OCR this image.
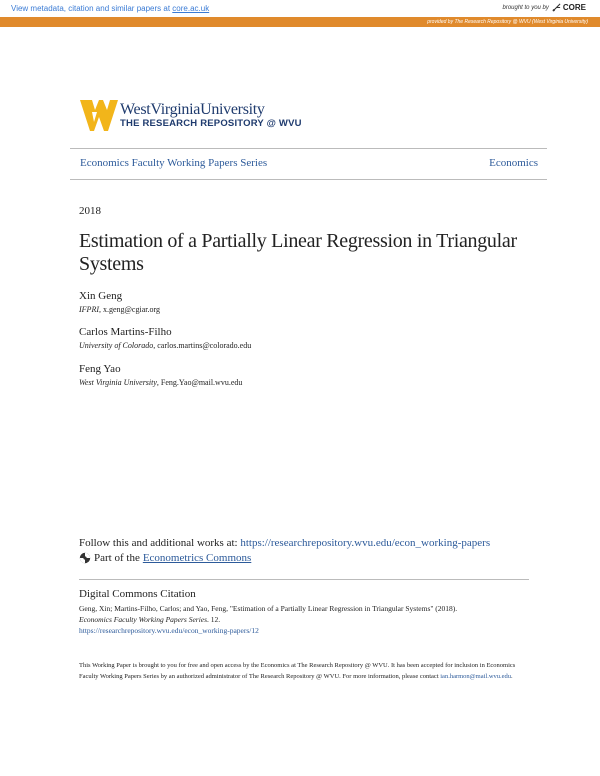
View metadata, citation and similar papers at core.ac.uk	brought to you by CORE
provided by The Research Repository @ WVU (West Virginia University)
WestVirginiaUniversity
THE RESEARCH REPOSITORY @ WVU
Economics Faculty Working Papers Series	Economics
2018
Estimation of a Partially Linear Regression in Triangular Systems
Xin Geng
IFPRI, x.geng@cgiar.org
Carlos Martins-Filho
University of Colorado, carlos.martins@colorado.edu
Feng Yao
West Virginia University, Feng.Yao@mail.wvu.edu
Follow this and additional works at: https://researchrepository.wvu.edu/econ_working-papers
Part of the Econometrics Commons
Digital Commons Citation
Geng, Xin; Martins-Filho, Carlos; and Yao, Feng, "Estimation of a Partially Linear Regression in Triangular Systems" (2018).
Economics Faculty Working Papers Series. 12.
https://researchrepository.wvu.edu/econ_working-papers/12
This Working Paper is brought to you for free and open access by the Economics at The Research Repository @ WVU. It has been accepted for inclusion in Economics Faculty Working Papers Series by an authorized administrator of The Research Repository @ WVU. For more information, please contact ian.harmon@mail.wvu.edu.
